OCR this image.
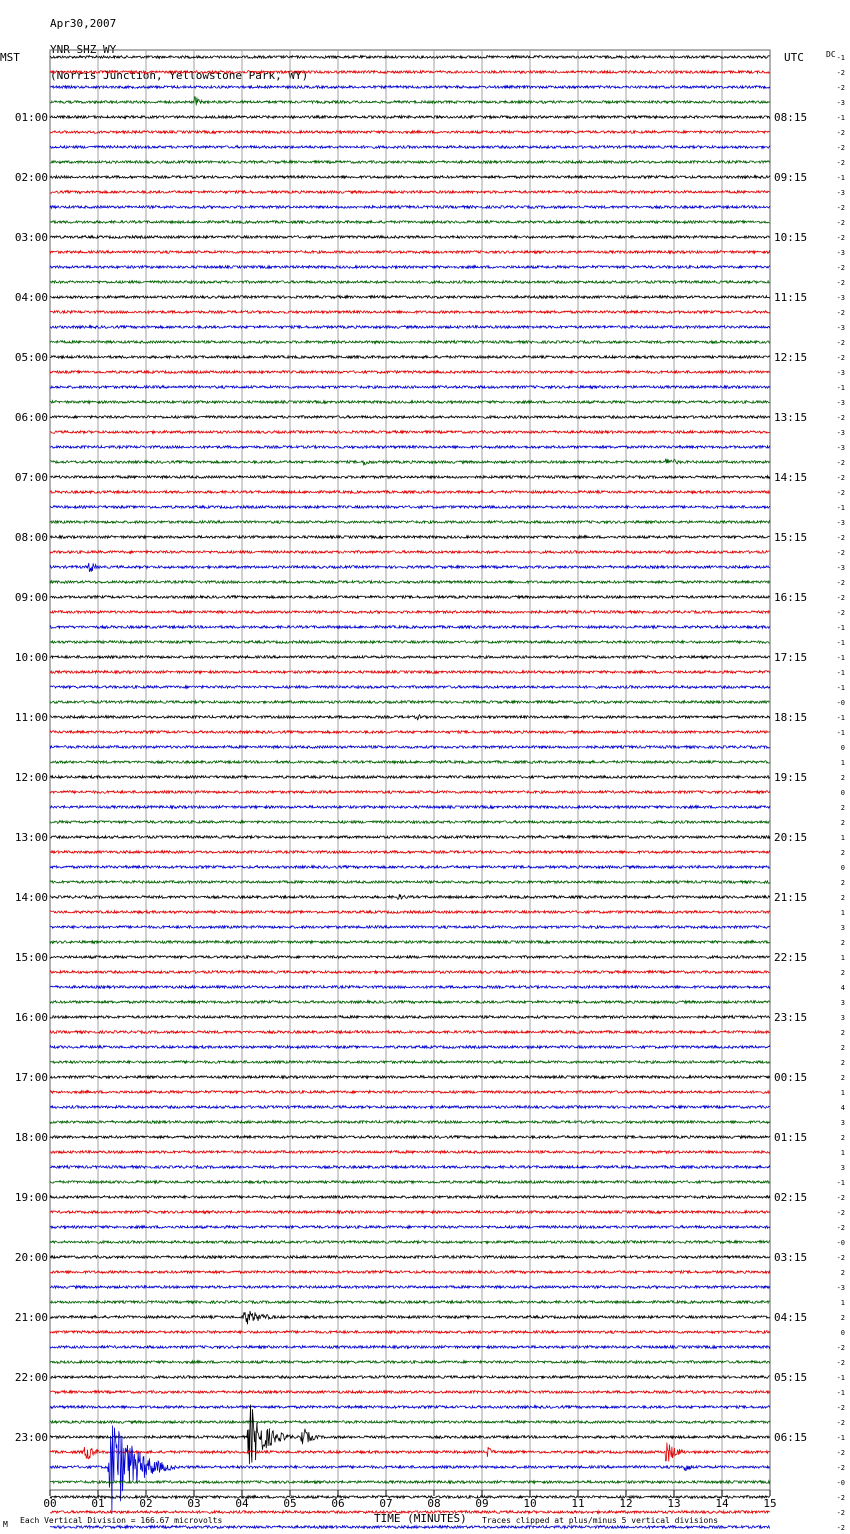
Apr30,2007

YNR SHZ WY

(Norris Junction, Yellowstone Park, WY)

MST	UTC	DC
01:00	08:15
02:00	09:15
03:00	10:15
04:00	11:15
05:00	12:15
06:00	13:15
07:00	14:15
08:00	15:15
09:00	16:15
10:00	17:15
11:00	18:15
12:00	19:15
13:00	20:15
14:00	21:15
15:00	22:15
16:00	23:15
17:00	00:15
18:00	01:15
19:00	02:15
20:00	03:15
21:00	04:15
22:00	05:15
23:00	06:15
-1
-2
-2
-3
-1
-2
-2
-2
-1
-3
-2
-2
-2
-3
-2
-2
-3
-2
-3
-2
-2
-3
-1
-3
-2
-3
-3
-2
-2
-2
-1
-3
-2
-2
-3
-2
-2
-2
-1
-1
-1
-1
-1
-0
-1
-1
0
1
2
0
2
2
1
2
0
2
2
1
3
2
1
2
4
3
3
2
2
2
2
1
4
3
2
1
3
-1
-2
-2
-2
-0
-2
2
-3
1
2
0
-2
-2
-1
-1
-2
-2
-1
-2
-2
-0
-2
-2
-2
00	01	02	03	04	05	06	07	08	09	10	11	12	13	14	15
TIME (MINUTES)
M Each Vertical Division = 166.67 microvolts	Traces clipped at plus/minus 5 vertical divisions
